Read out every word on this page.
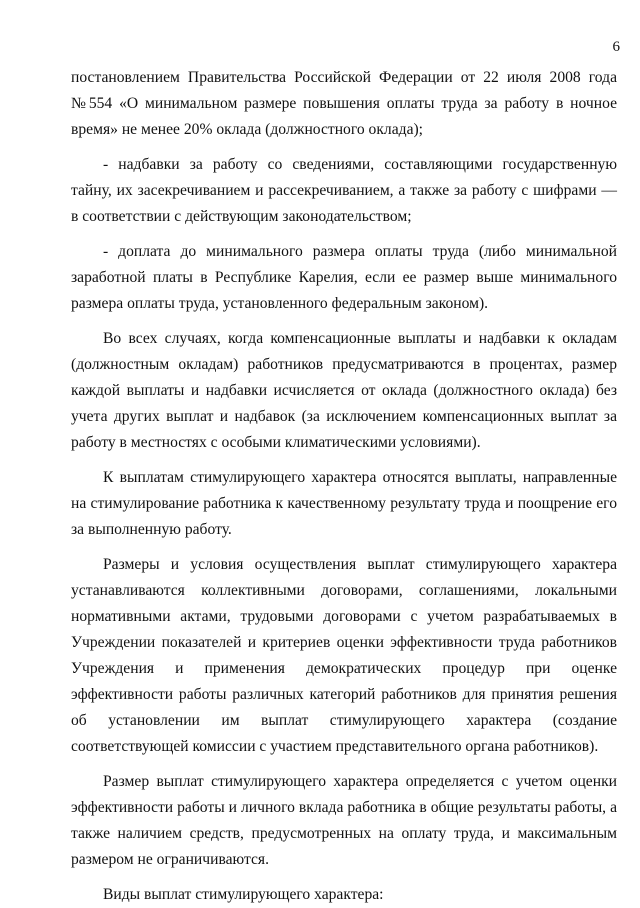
6

постановлением Правительства Российской Федерации от 22 июля 2008 года №554 «О минимальном размере повышения оплаты труда за работу в ночное время» не менее 20% оклада (должностного оклада);

- надбавки за работу со сведениями, составляющими государственную тайну, их засекречиванием и рассекречиванием, а также за работу с шифрами — в соответствии с действующим законодательством;

- доплата до минимального размера оплаты труда (либо минимальной заработной платы в Республике Карелия, если ее размер выше минимального размера оплаты труда, установленного федеральным законом).

Во всех случаях, когда компенсационные выплаты и надбавки к окладам (должностным окладам) работников предусматриваются в процентах, размер каждой выплаты и надбавки исчисляется от оклада (должностного оклада) без учета других выплат и надбавок (за исключением компенсационных выплат за работу в местностях с особыми климатическими условиями).

К выплатам стимулирующего характера относятся выплаты, направленные на стимулирование работника к качественному результату труда и поощрение его за выполненную работу.

Размеры и условия осуществления выплат стимулирующего характера устанавливаются коллективными договорами, соглашениями, локальными нормативными актами, трудовыми договорами с учетом разрабатываемых в Учреждении показателей и критериев оценки эффективности труда работников Учреждения и применения демократических процедур при оценке эффективности работы различных категорий работников для принятия решения об установлении им выплат стимулирующего характера (создание соответствующей комиссии с участием представительного органа работников).

Размер выплат стимулирующего характера определяется с учетом оценки эффективности работы и личного вклада работника в общие результаты работы, а также наличием средств, предусмотренных на оплату труда, и максимальным размером не ограничиваются.

Виды выплат стимулирующего характера:
